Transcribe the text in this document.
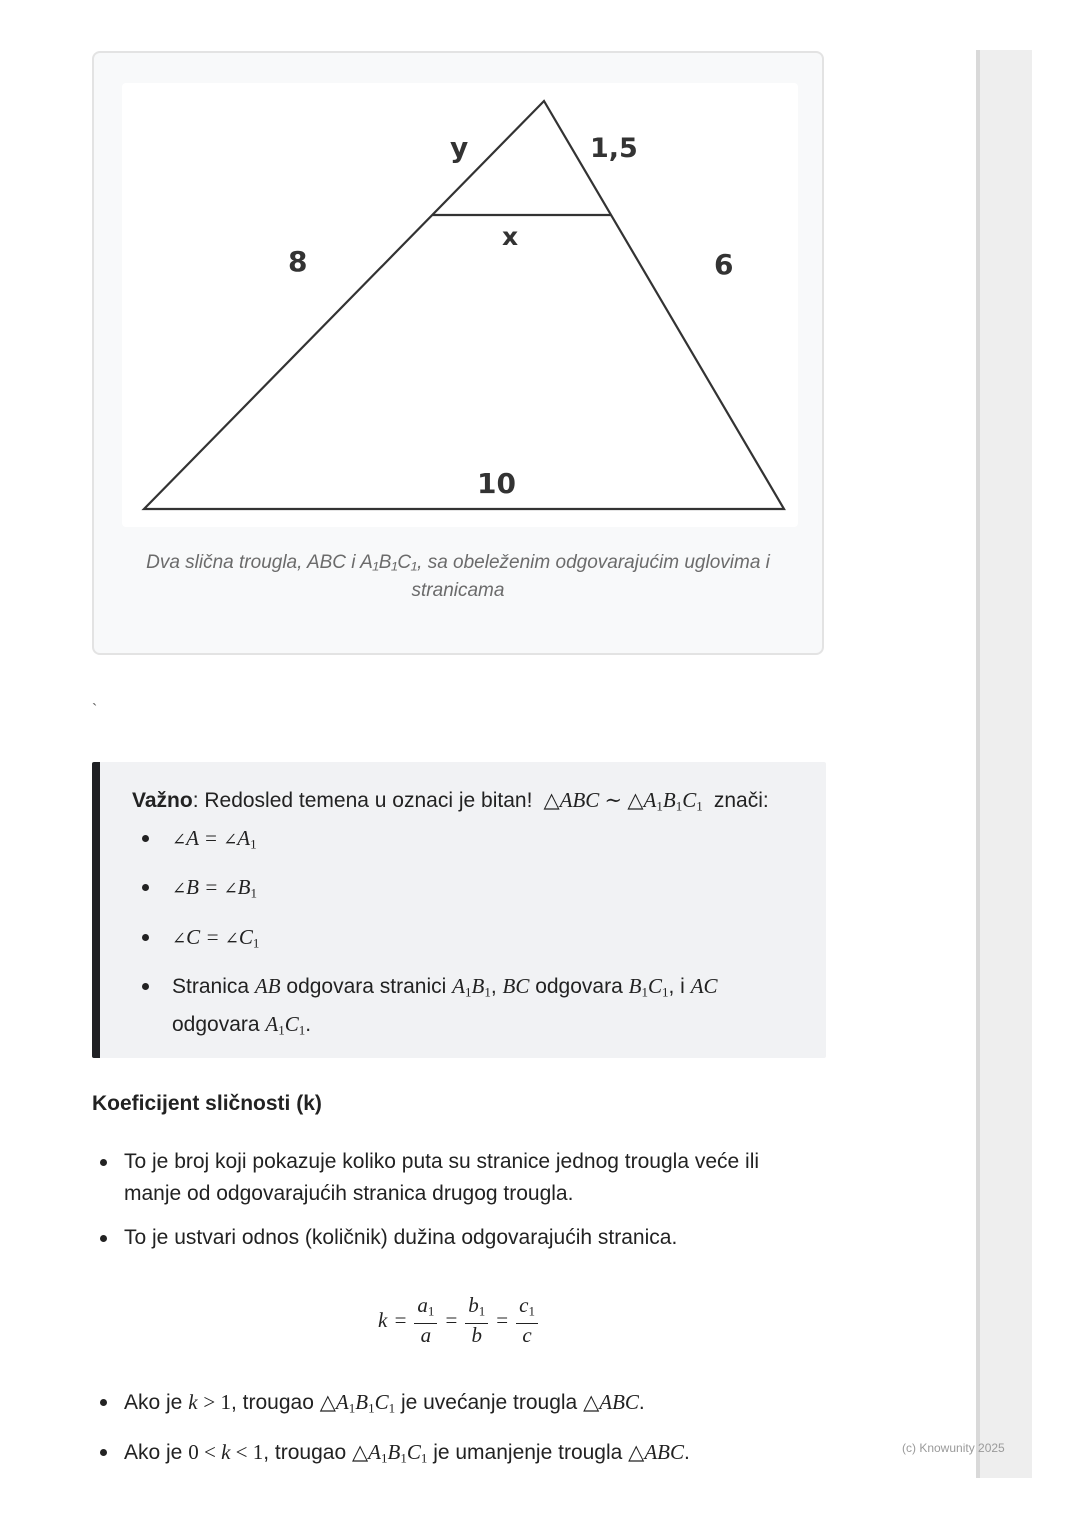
8
y	1,5
6
x
10
Dva slična trougla, ABC i A₁B₁C₁, sa obeleženim odgovarajućim uglovima i
stranicama
`
Važno: Redosled temena u oznaci je bitan!  △ABC ∼ $\triangle A_1B_1C_1$ znači:
∠A = $\angle A_1$
∠B = $\angle B_1$
∠C = $\angle C_1$
Stranica AB odgovara stranici $A_1B_1$, BC odgovara $B_1C_1$, i AC odgovara $A_1C_1$.
Koeficijent sličnosti (k)
To je broj koji pokazuje koliko puta su stranice jednog trougla veće ili manje od odgovarajućih stranica drugog trougla.
To je ustvari odnos (količnik) dužina odgovarajućih stranica.
$k = \frac{a_1}{a} = \frac{b_1}{b} = \frac{c_1}{c}$
Ako je k > 1, trougao $\triangle A_1B_1C_1$ je uvećanje trougla △ABC.
Ako je 0 < k < 1, trougao $\triangle A_1B_1C_1$ je umanjenje trougla △ABC.	(c) Knowunity 2025
